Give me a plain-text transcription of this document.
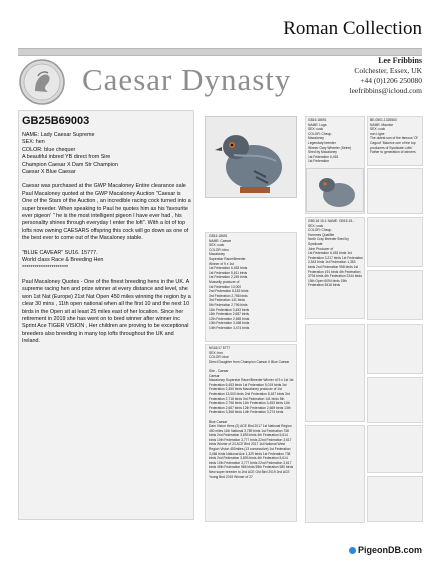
Roman Collection
Caesar Dynasty
Lee Fribbins
Colchester, Essex, UK
+44 (0)1206 250080
leefribbins@icloud.com
GB25B69003

NAME: Lady Caesar Supreme
SEX: hen
COLOR: blue chequer
A beautiful inbred YB direct from Sire
Champion Caesar X Dam Str Champion
Caesar X Blue Caesar

Caesar was purchased at the GWP Macaloney Entire clearance sale Paul Macaloney quoted at the GWP Macaloney Auction "Caesar is One of the Stars of the Auction , an incredible racing cock turned into a super breeder. When speaking to Paul he quotes him as his 'favourite ever pigeon' " he is the most intelligent pigeon I have ever had , his personality shines through everyday I enter the loft". With a lot of top lofts now owning CAESARS offspring this cock will go down as one of the best ever to come out of the Macaloney stable.

"BLUE CAVEAR" SU16. 15777.
World class Race & Breeding Hen
**********************

Paul Macaloney Quotes - One of the finest breeding hens in the UK. A supreme racing hen and prize winner at every distance and level, she won 1st Nat (Europe) 21st Nat Open 450 miles winning the region by a clear 30 mins , 11th open national when all the first 10 and the next 10 birds in the Open sit at least 25 miles east of her location. Since her retirement in 2019 she has went on to bred winner after winner inc Sprint Ace TIGER VISION , Her children are proving to be exceptional breeders also breeding in many top lofts throughout the UK and Ireland.

GB16 18691
NAME: Caesar
SEX: cock
COLOR: bleu
Macaloney
Superstar Racer/Breeder
Winner of 9 x 1st
1st Federation 6,453 birds
1st Federation 5,611 birds
1st Federation 2,249 birds
Musselly producer of
1st Federation 13,000
2nd Federation 8,182 birds
3rd Federation 2,758 birds
3rd Federation 141 birds
5th Federation 2,796 birds
11th Federation 3,453 birds
11th Federation 2,687 birds
12th Federation 2,669 birds
13th Federation 3,468 birds
14th Federation 3,474 birds
NS16/17 5777
SEX: hen
COLOR: blue
Direct Daughter from Champion Caesar X Blue Caesar

Sire - Caesar
Caesar
Macaloney Superstar Racer/Breeder Winner of 9 x 1st 1st Federation 6,453 birds 1st Federation 5,019 birds 1st Federation 2,350 birds Macaloney producer of 1st Federation 13,000 birds 2nd Federation 8,187 birds 3rd Federation 2,718 birds 3rd Federation 141 birds 5th Federation 2,796 birds 11th Federation 3,453 birds 11th Federation 2,687 birds 12th Federation 2,669 birds 13th Federation 3,368 birds 14th Federation 3,274 birds

Blue Caesar
Dam Vision Hens (2) ACE Bird 2017 1st National Region 450 miles 11th National 3,789 birds 1st Federation 738 birds 2nd Federation 3,893 birds 4th Federation 5,614 birds 10th Federation 3,777 birds 22nd Federation 3,617 birds Winner of 24 ACE Bird 2017 1st National West Region Vision 450miles (13 consecutive) 1st Federation 3,456 birds National Ace 1,329 birds 1st Federation 738 birds 2nd Federation 3,893 birds 4th Federation 5,614 birds 10th Federation 3,777 birds 22nd Federation 3,617 birds 45th Federation 966 birds 55th Federation 980 birds New super breeder to 2nd ACE Old Bird 2019 2nd ACE Young Bird 2019 Winner of 27
GB16 18691
NAME: Lugs
SEX: cock
COLOR: Chequ
Macaloney
Legendary breeder
Winner Gary Wheeler (Seine)
Sired by Macaloney
1st Federation 6,453
1st Federation
BE-0501-1325563
NAME: Maurice
SEX: cock
non Ligne
The oldest son of the famous 'Ol' Cagout' 'Maurice one of the top producers of Syndicate Lofts' Father to generation of winners
GB0.18 10-1 NAME: GB15-15...
SEX: cock
COLOR: Chequ
Hommes Qualifier
North Cray Breeder Bred by Syndicate
John Producer of
1st Federation 6,453 birds 1st Federation 3,217 birds 1st Federation 2,543 birds 1st Federation 1,353 birds 2nd Federation 958 birds 1st Federation 191 birds 4th Federation 3794 birds 4th Federation 2244 birds 15th Open 6094 birds 15th Federation 5416 birds
PigeonDB.com
